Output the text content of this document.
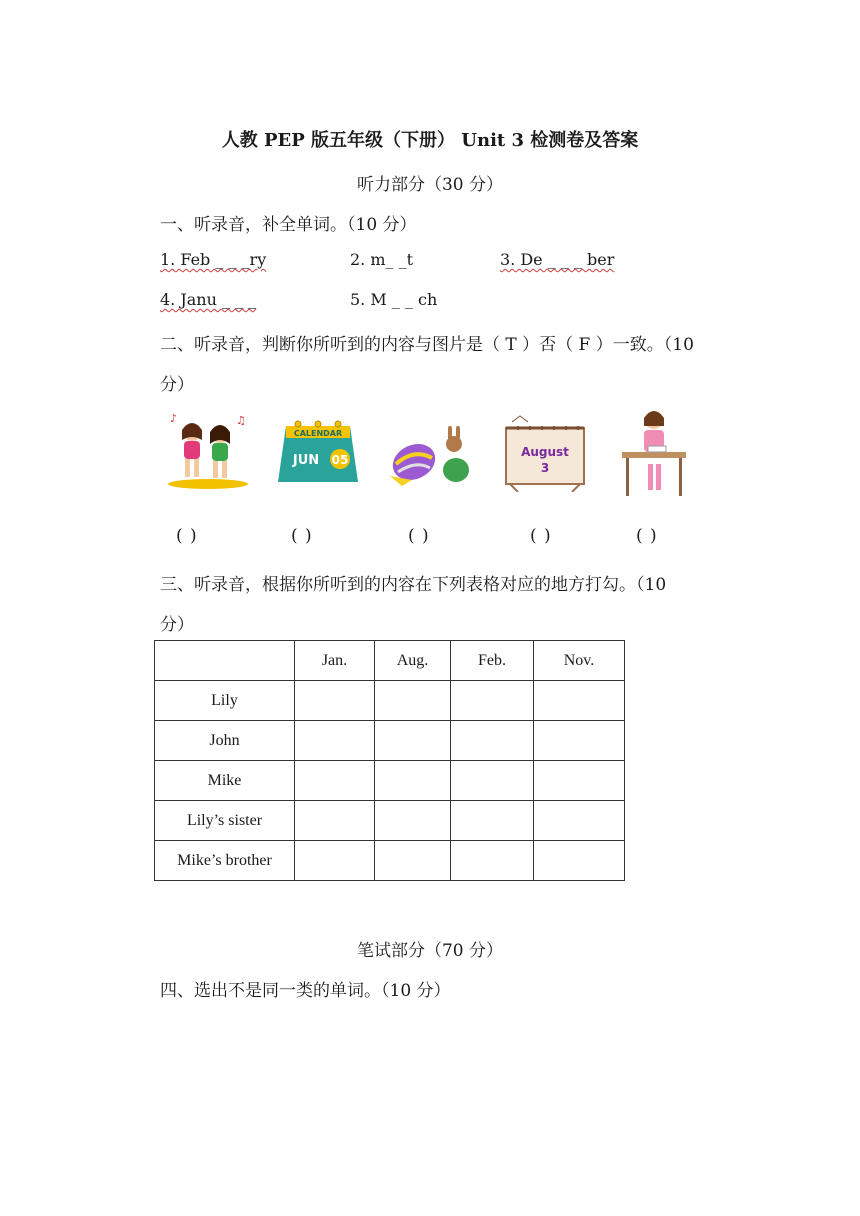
人教 PEP 版五年级（下册） Unit 3 检测卷及答案
听力部分（30 分）
一、听录音，补全单词。（10 分）
1. Feb _ _ _ry	2. m_ _t	3. De _ _ _ ber
4. Janu _ _ _	5. M _ _ ch
二、听录音，判断你所听到的内容与图片是（ T ）否（ F ）一致。（10
分）
♪	♫
CALENDAR
JUN 05
August
3
( )	( )	( )	( )	( )
三、听录音，根据你所听到的内容在下列表格对应的地方打勾。（10
分）
	Jan.	Aug.	Feb.	Nov.
Lily				
John				
Mike				
Lily’s sister				
Mike’s brother				
笔试部分（70 分）
四、选出不是同一类的单词。（10 分）
